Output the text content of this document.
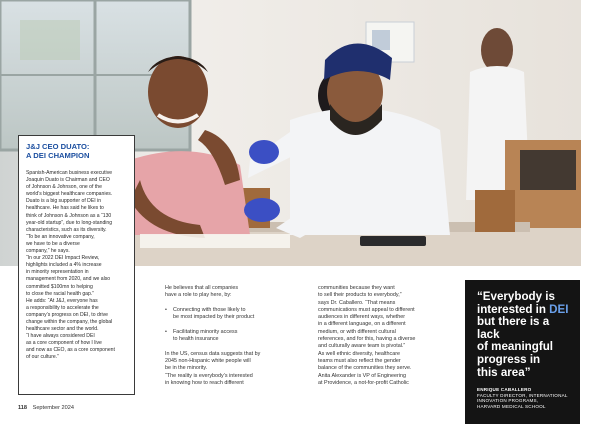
J&J CEO DUATO:
A DEI CHAMPION

Spanish-American business executive
Joaquin Duato is Chairman and CEO
of Johnson & Johnson, one of the
world’s biggest healthcare companies.

Duato is a big supporter of DEI in
healthcare. He has said he likes to
think of Johnson & Johnson as a “130
year-old startup”, due to long-standing
characteristics, such as its diversity.

“To be an innovative company,
we have to be a diverse
company,” he says.

“In our 2022 DEI Impact Review,
highlights included a 4% increase
in minority representation in
management from 2020, and we also
committed $100mn to helping
to close the racial health gap.”

He adds: “At J&J, everyone has
a responsibility to accelerate the
company’s progress on DEI, to drive
change within the company, the global
healthcare sector and the world.

“I have always considered DEI
as a core component of how I live
and now as CEO, as a core component
of our culture.”

He believes that all companies
have a role to play here, by:

•	Connecting with those likely to
be most impacted by their product

•	Facilitating minority access
to health insurance

In the US, census data suggests that by
2045 non-Hispanic white people will
be in the minority.

“The reality is everybody’s interested
in knowing how to reach different

communities because they want
to sell their products to everybody,”
says Dr. Caballero. “That means
communications must appeal to different
audiences in different ways, whether
in a different language, on a different
medium, or with different cultural
references, and for this, having a diverse
and culturally aware team is pivotal.”
As well ethnic diversity, healthcare
teams must also reflect the gender
balance of the communities they serve.
Anita Alexander is VP of Engineering
at Providence, a not-for-profit Catholic

“Everybody is
interested in DEI
but there is a lack
of meaningful
progress in
this area”
ENRIQUE CABALLERO
FACULTY DIRECTOR, INTERNATIONAL
INNOVATION PROGRAMS,
HARVARD MEDICAL SCHOOL
118 September 2024
